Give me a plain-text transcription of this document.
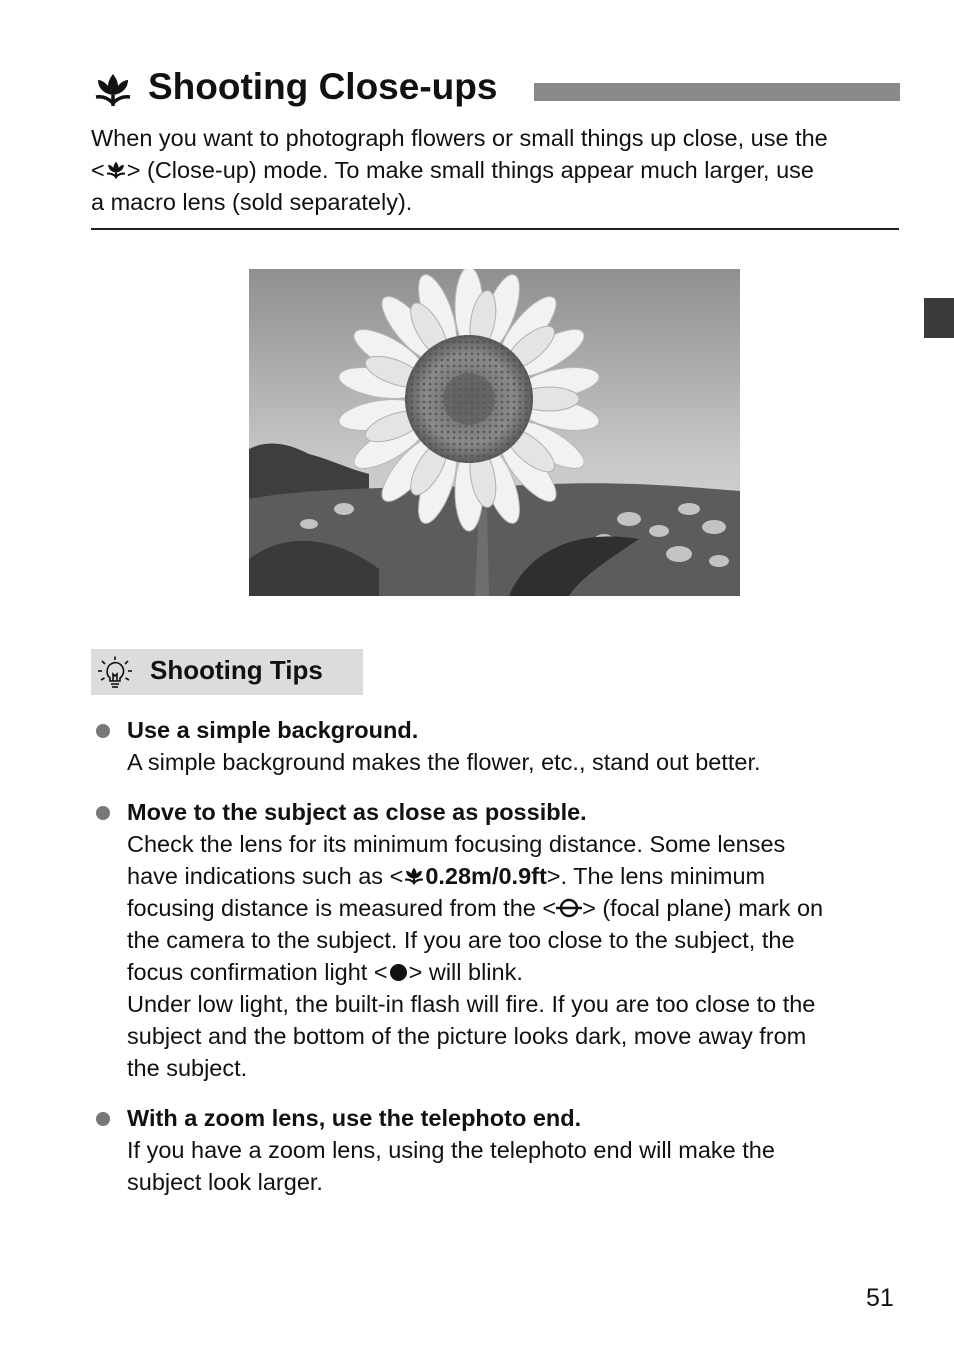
Shooting Close-ups
When you want to photograph flowers or small things up close, use the
< > (Close-up) mode. To make small things appear much larger, use
a macro lens (sold separately).
Shooting Tips
Use a simple background.
A simple background makes the flower, etc., stand out better.
Move to the subject as close as possible.
Check the lens for its minimum focusing distance. Some lenses
have indications such as < 0.28m/0.9ft>. The lens minimum
focusing distance is measured from the < > (focal plane) mark on
the camera to the subject. If you are too close to the subject, the
focus confirmation light < > will blink.
Under low light, the built-in flash will fire. If you are too close to the
subject and the bottom of the picture looks dark, move away from
the subject.
With a zoom lens, use the telephoto end.
If you have a zoom lens, using the telephoto end will make the
subject look larger.
51
